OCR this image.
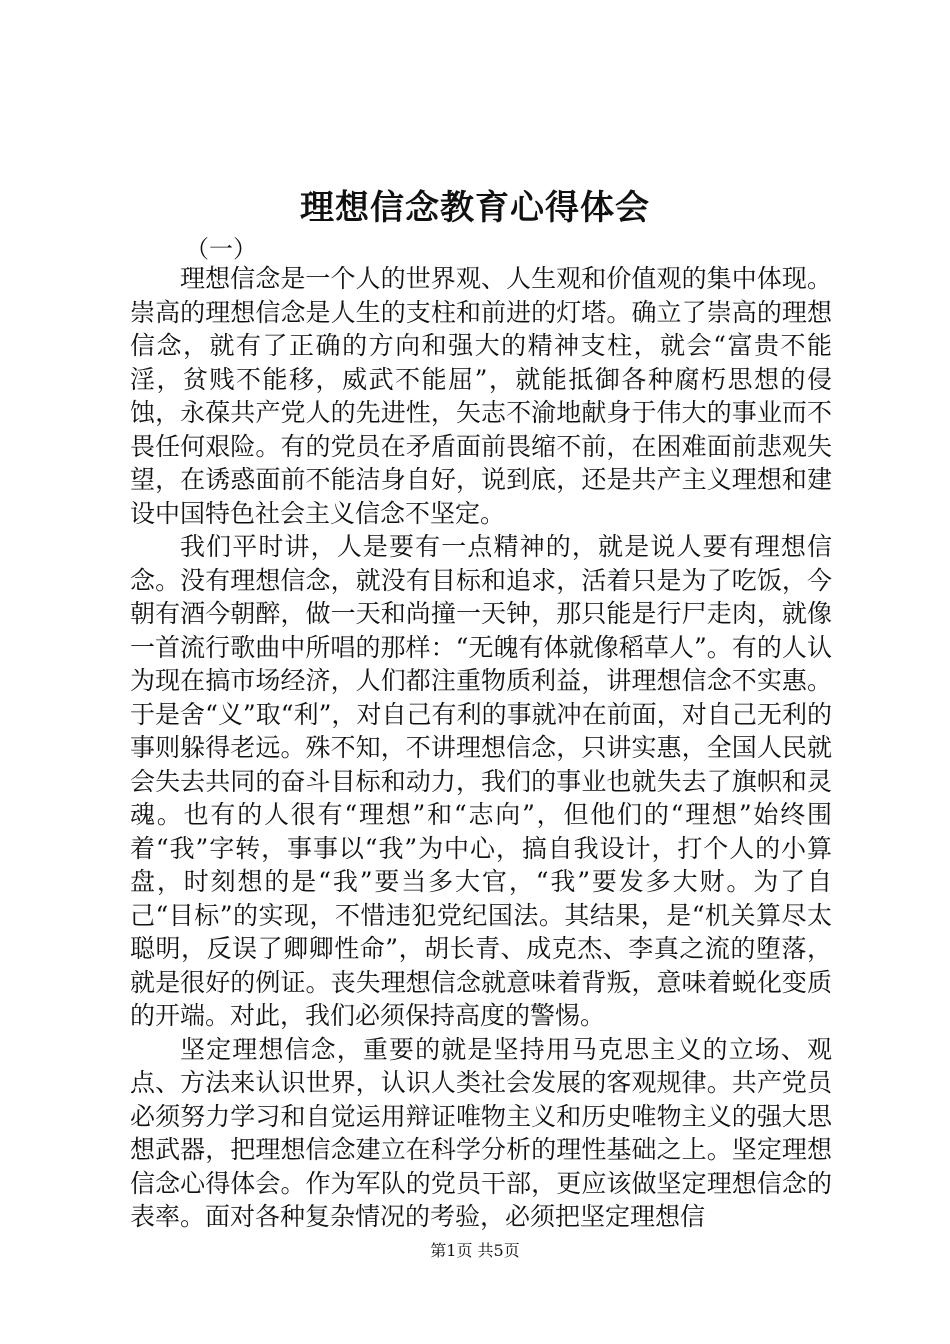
理想信念教育心得体会

（一）

理想信念是一个人的世界观、人生观和价值观的集中体现。崇高的理想信念是人生的支柱和前进的灯塔。确立了崇高的理想信念，就有了正确的方向和强大的精神支柱，就会“富贵不能淫，贫贱不能移，威武不能屈”，就能抵御各种腐朽思想的侵蚀，永葆共产党人的先进性，矢志不渝地献身于伟大的事业而不畏任何艰险。有的党员在矛盾面前畏缩不前，在困难面前悲观失望，在诱惑面前不能洁身自好，说到底，还是共产主义理想和建设中国特色社会主义信念不坚定。

我们平时讲，人是要有一点精神的，就是说人要有理想信念。没有理想信念，就没有目标和追求，活着只是为了吃饭，今朝有酒今朝醉，做一天和尚撞一天钟，那只能是行尸走肉，就像一首流行歌曲中所唱的那样：“无魄有体就像稻草人”。有的人认为现在搞市场经济，人们都注重物质利益，讲理想信念不实惠。于是舍“义”取“利”，对自己有利的事就冲在前面，对自己无利的事则躲得老远。殊不知，不讲理想信念，只讲实惠，全国人民就会失去共同的奋斗目标和动力，我们的事业也就失去了旗帜和灵魂。也有的人很有“理想”和“志向”，但他们的“理想”始终围着“我”字转，事事以“我”为中心，搞自我设计，打个人的小算盘，时刻想的是“我”要当多大官，“我”要发多大财。为了自己“目标”的实现，不惜违犯党纪国法。其结果，是“机关算尽太聪明，反误了卿卿性命”，胡长青、成克杰、李真之流的堕落，就是很好的例证。丧失理想信念就意味着背叛，意味着蜕化变质的开端。对此，我们必须保持高度的警惕。

坚定理想信念，重要的就是坚持用马克思主义的立场、观点、方法来认识世界，认识人类社会发展的客观规律。共产党员必须努力学习和自觉运用辩证唯物主义和历史唯物主义的强大思想武器，把理想信念建立在科学分析的理性基础之上。坚定理想信念心得体会。作为军队的党员干部，更应该做坚定理想信念的表率。面对各种复杂情况的考验，必须把坚定理想信

第1页 共5页
